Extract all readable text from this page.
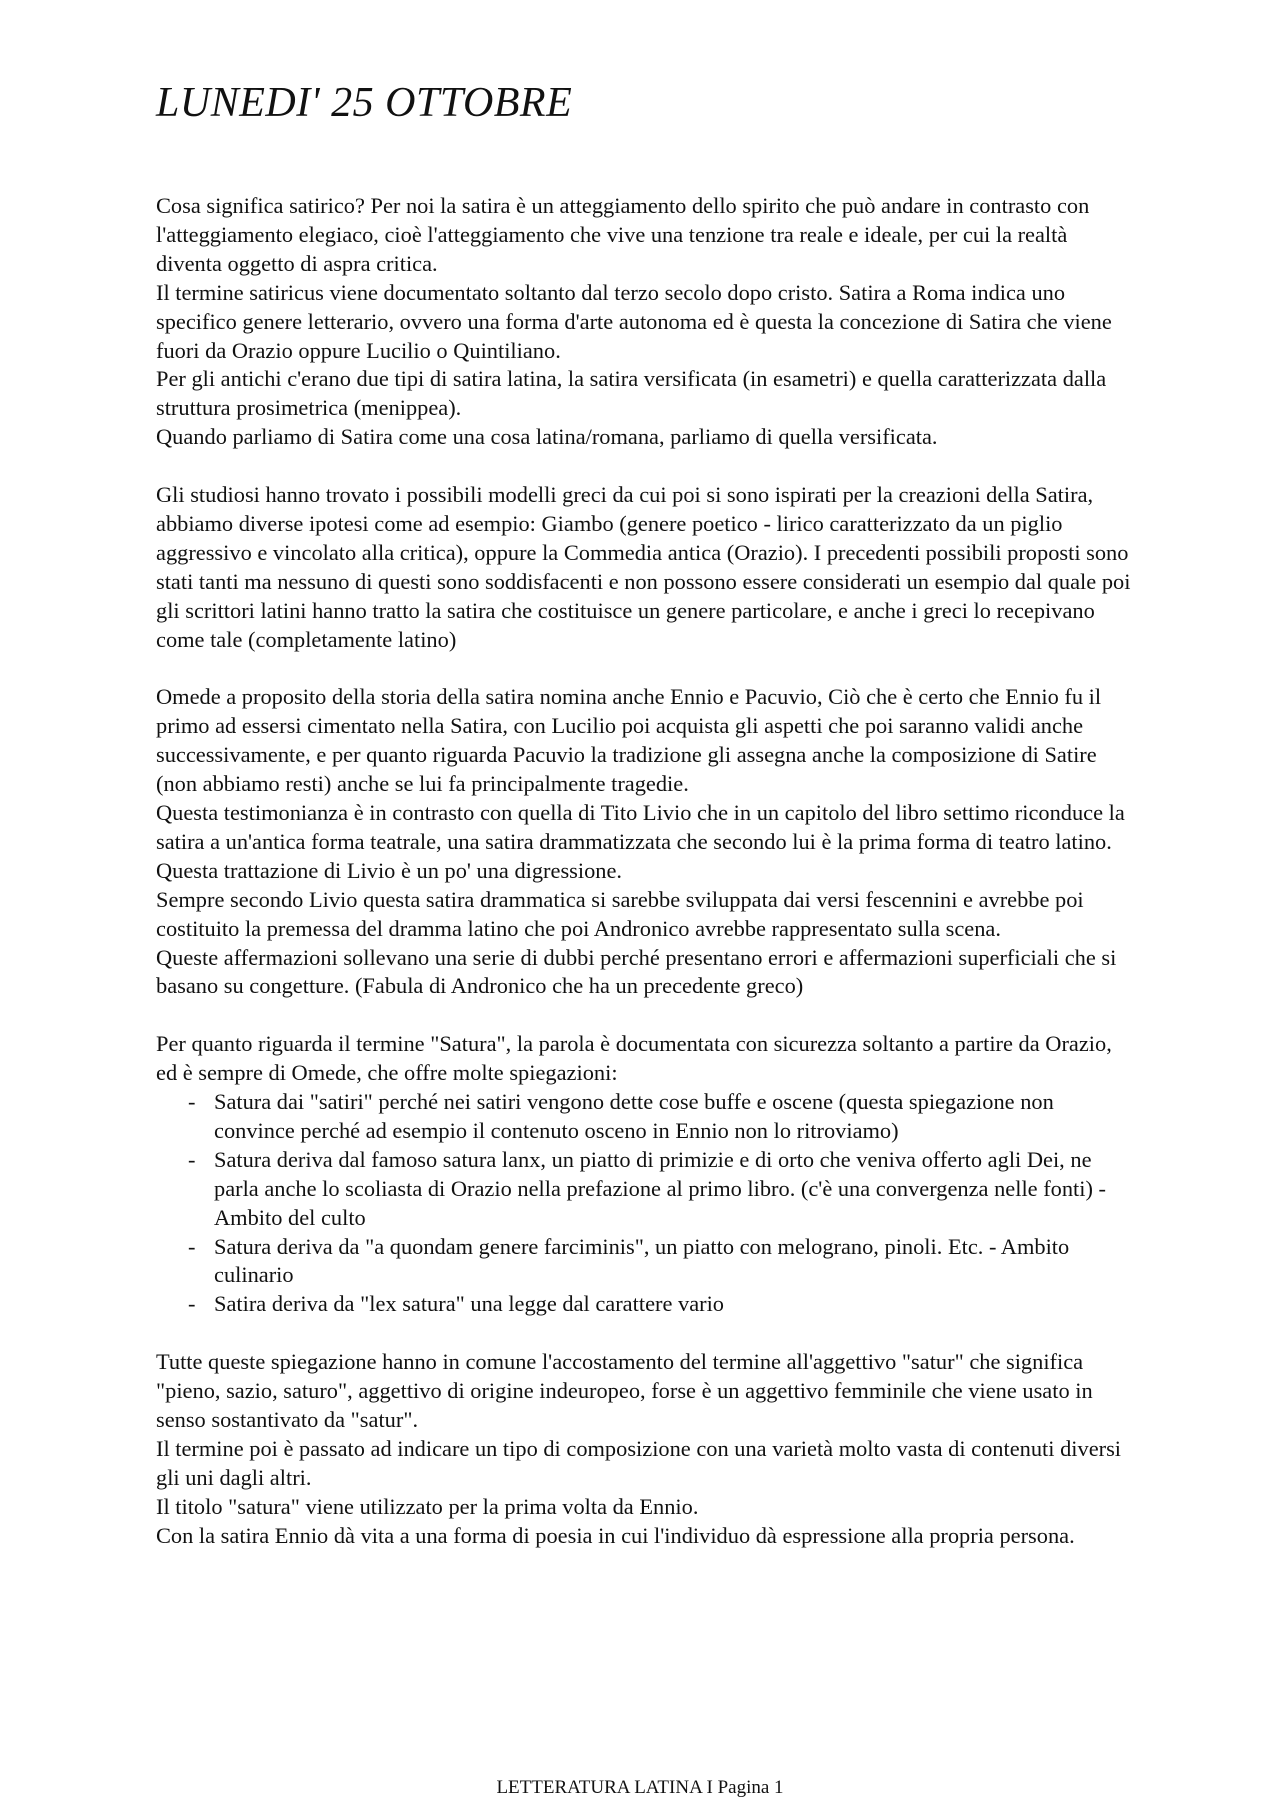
LUNEDI' 25 OTTOBRE

Cosa significa satirico? Per noi la satira è un atteggiamento dello spirito che può andare in contrasto con l'atteggiamento elegiaco, cioè l'atteggiamento che vive una tenzione tra reale e ideale, per cui la realtà diventa oggetto di aspra critica.

Il termine satiricus viene documentato soltanto dal terzo secolo dopo cristo. Satira a Roma indica uno specifico genere letterario, ovvero una forma d'arte autonoma ed è questa la concezione di Satira che viene fuori da Orazio oppure Lucilio o Quintiliano.

Per gli antichi c'erano due tipi di satira latina, la satira versificata (in esametri) e quella caratterizzata dalla struttura prosimetrica (menippea).

Quando parliamo di Satira come una cosa latina/romana, parliamo di quella versificata.

Gli studiosi hanno trovato i possibili modelli greci da cui poi si sono ispirati per la creazioni della Satira, abbiamo diverse ipotesi come ad esempio: Giambo (genere poetico - lirico caratterizzato da un piglio aggressivo e vincolato alla critica), oppure la Commedia antica (Orazio). I precedenti possibili proposti sono stati tanti ma nessuno di questi sono soddisfacenti e non possono essere considerati un esempio dal quale poi gli scrittori latini hanno tratto la satira che costituisce un genere particolare, e anche i greci lo recepivano come tale (completamente latino)

Omede a proposito della storia della satira nomina anche Ennio e Pacuvio, Ciò che è certo che Ennio fu il primo ad essersi cimentato nella Satira, con Lucilio poi acquista gli aspetti che poi saranno validi anche successivamente, e per quanto riguarda Pacuvio la tradizione gli assegna anche la composizione di Satire (non abbiamo resti) anche se lui fa principalmente tragedie.

Questa testimonianza è in contrasto con quella di Tito Livio che in un capitolo del libro settimo riconduce la satira a un'antica forma teatrale, una satira drammatizzata che secondo lui è la prima forma di teatro latino. Questa trattazione di Livio è un po' una digressione.

Sempre secondo Livio questa satira drammatica si sarebbe sviluppata dai versi fescennini e avrebbe poi costituito la premessa del dramma latino che poi Andronico avrebbe rappresentato sulla scena.

Queste affermazioni sollevano una serie di dubbi perché presentano errori e affermazioni superficiali che si basano su congetture. (Fabula di Andronico che ha un precedente greco)

Per quanto riguarda il termine "Satura", la parola è documentata con sicurezza soltanto a partire da Orazio, ed è sempre di Omede, che offre molte spiegazioni:

- Satura dai "satiri" perché nei satiri vengono dette cose buffe e oscene (questa spiegazione non convince perché ad esempio il contenuto osceno in Ennio non lo ritroviamo)
- Satura deriva dal famoso satura lanx, un piatto di primizie e di orto che veniva offerto agli Dei, ne parla anche lo scoliasta di Orazio nella prefazione al primo libro. (c'è una convergenza nelle fonti) - Ambito del culto
- Satura deriva da "a quondam genere farciminis", un piatto con melograno, pinoli. Etc. - Ambito culinario
- Satira deriva da "lex satura" una legge dal carattere vario

Tutte queste spiegazione hanno in comune l'accostamento del termine all'aggettivo "satur" che significa "pieno, sazio, saturo", aggettivo di origine indeuropeo, forse è un aggettivo femminile che viene usato in senso sostantivato da "satur".

Il termine poi è passato ad indicare un tipo di composizione con una varietà molto vasta di contenuti diversi gli uni dagli altri.

Il titolo "satura" viene utilizzato per la prima volta da Ennio.

Con la satira Ennio dà vita a una forma di poesia in cui l'individuo dà espressione alla propria persona.

LETTERATURA LATINA I Pagina 1
